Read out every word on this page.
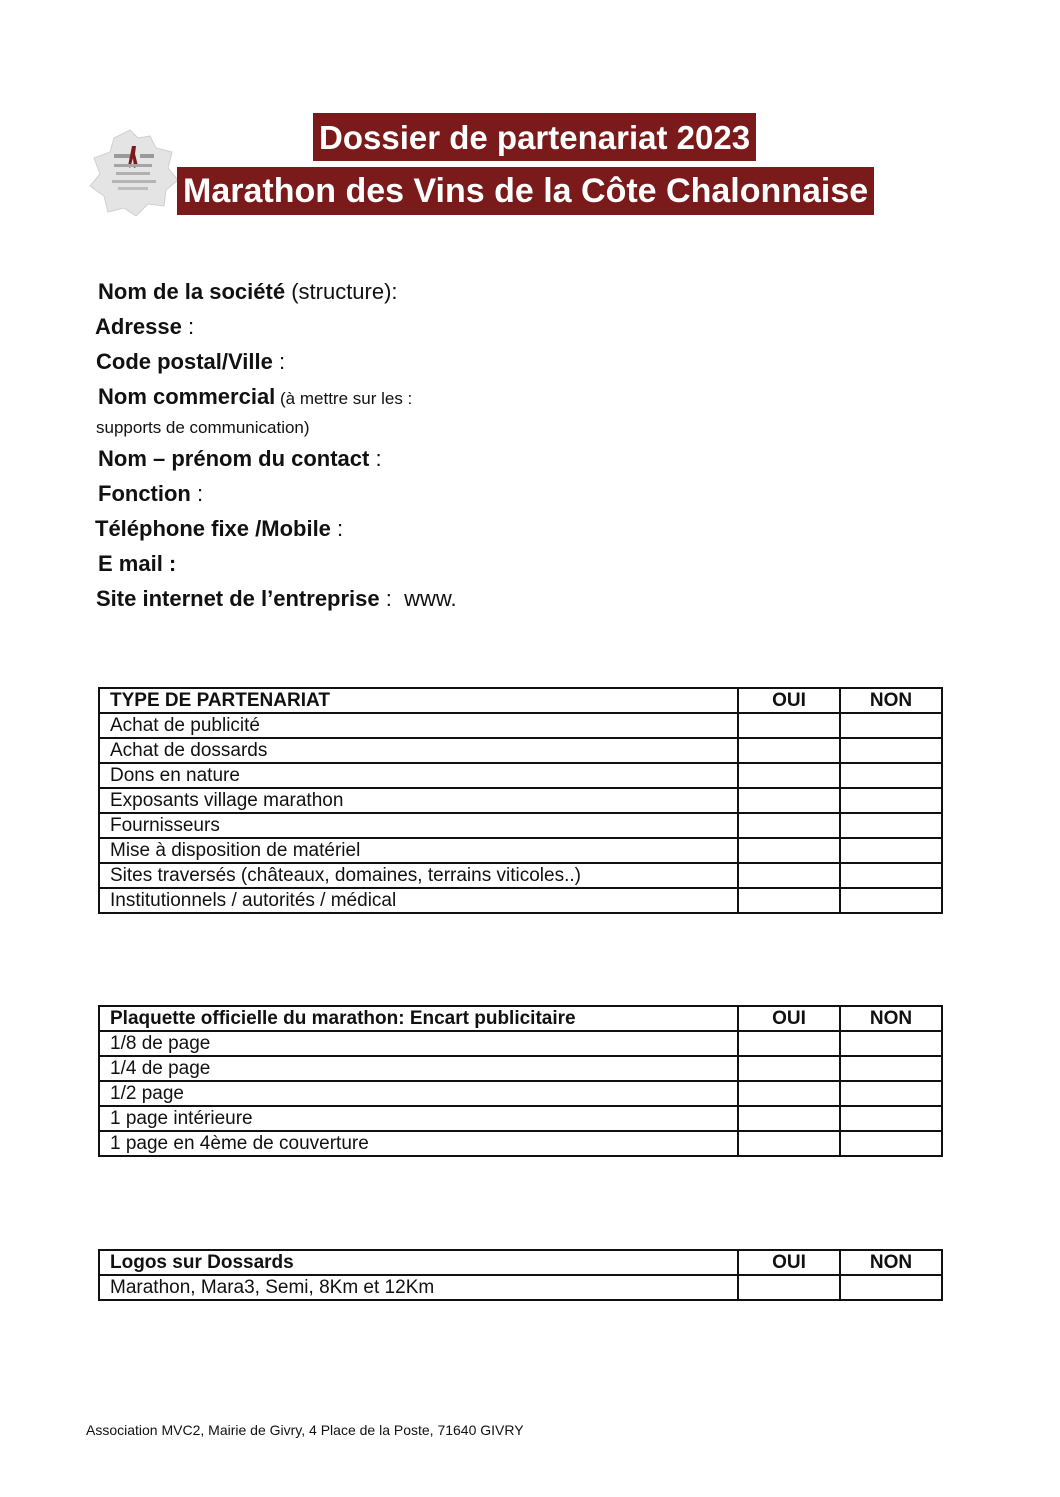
Dossier de partenariat 2023
Marathon des Vins de la Côte Chalonnaise
Nom de la société (structure):
Adresse :
Code postal/Ville :
Nom commercial (à mettre sur les :
supports de communication)
Nom – prénom du contact :
Fonction :
Téléphone fixe /Mobile :
E mail :
Site internet de l’entreprise :  www.
TYPE DE PARTENARIAT	OUI	NON
Achat de publicité		
Achat de dossards		
Dons en nature		
Exposants village marathon		
Fournisseurs		
Mise à disposition de matériel		
Sites traversés (châteaux, domaines, terrains viticoles..)		
Institutionnels / autorités / médical		
Plaquette officielle du marathon: Encart publicitaire	OUI	NON
1/8 de page		
1/4 de page		
1/2 page		
1 page intérieure		
1 page en 4ème de couverture		
Logos sur Dossards	OUI	NON
Marathon, Mara3, Semi, 8Km et 12Km		
Association MVC2, Mairie de Givry, 4 Place de la Poste, 71640 GIVRY
